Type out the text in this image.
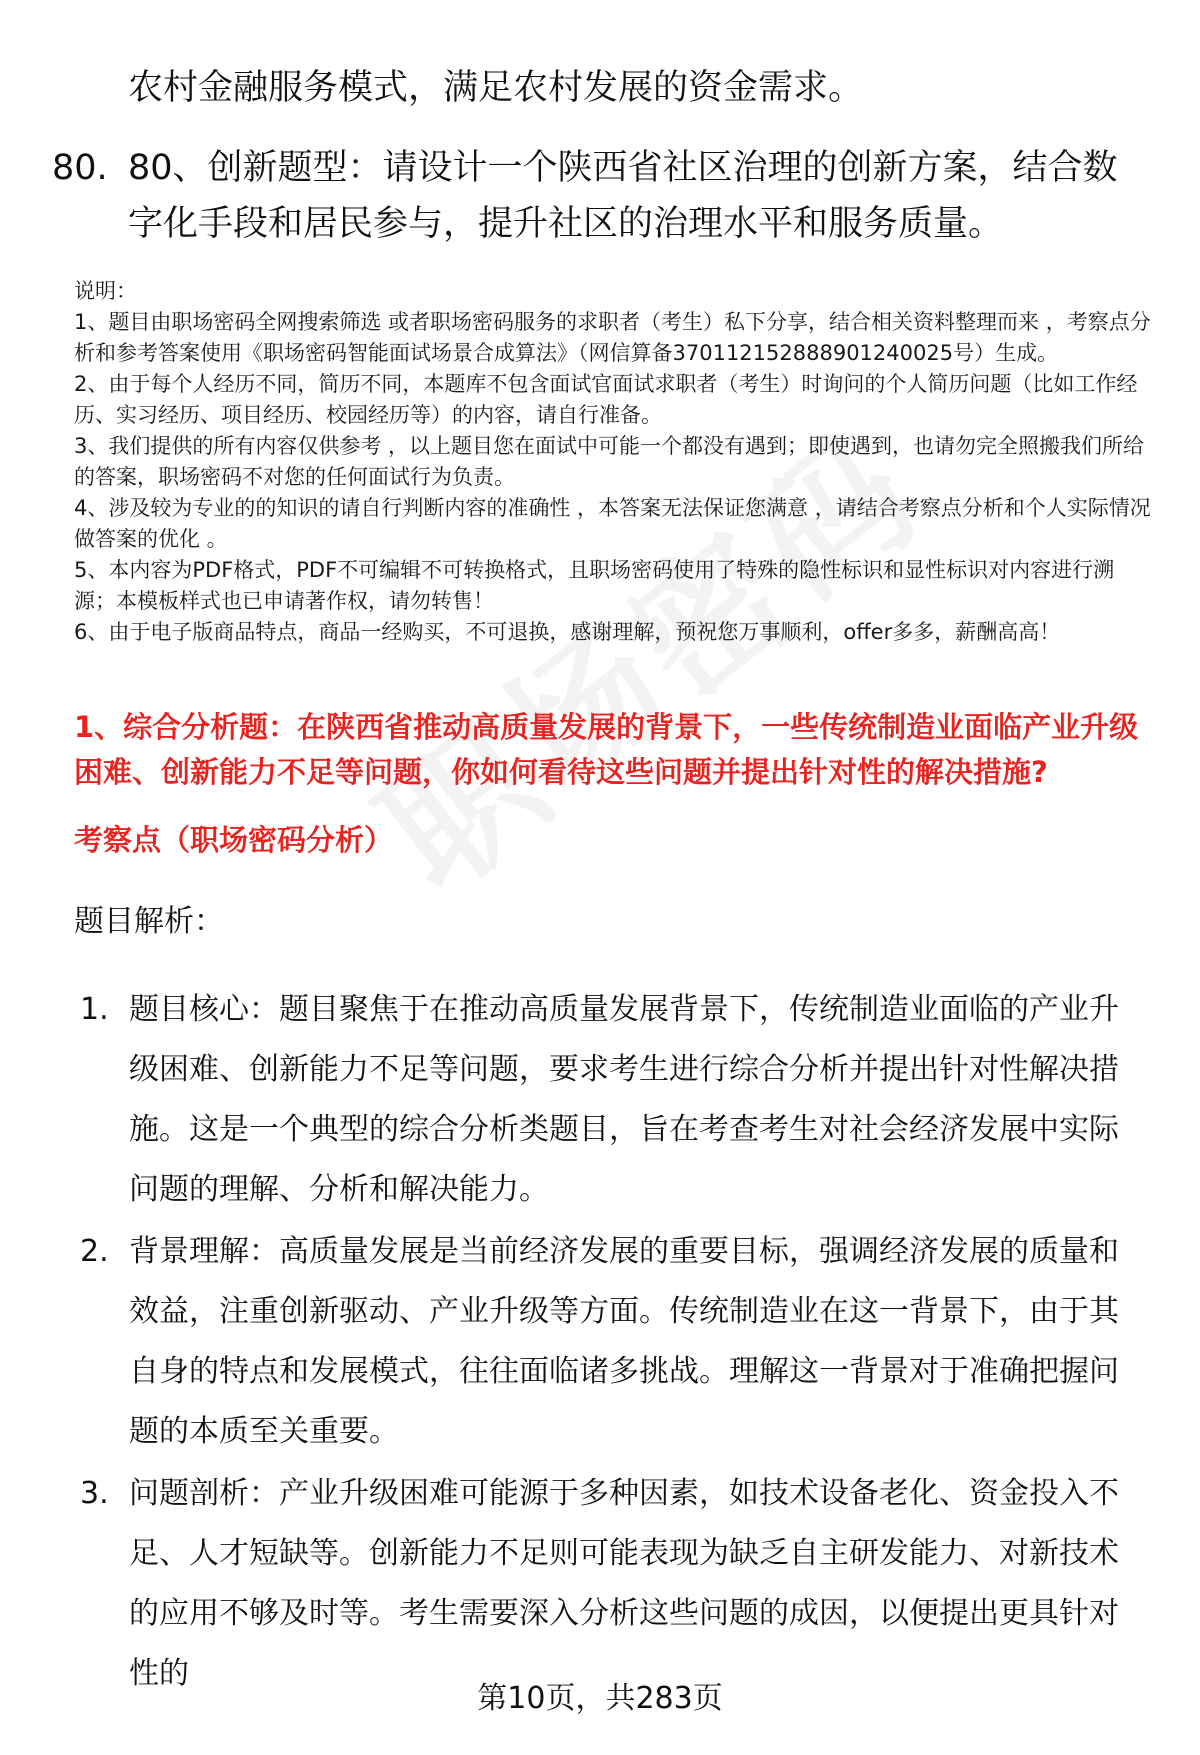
农村金融服务模式，满足农村发展的资金需求。
80. 80、创新题型：请设计一个陕西省社区治理的创新方案，结合数字化手段和居民参与，提升社区的治理水平和服务质量。

说明：

1、题目由职场密码全网搜索筛选 或者职场密码服务的求职者（考生）私下分享，结合相关资料整理而来 ，考察点分析和参考答案使用《职场密码智能面试场景合成算法》（网信算备370112152888901240025号）生成。

2、由于每个人经历不同，简历不同，本题库不包含面试官面试求职者（考生）时询问的个人简历问题（比如工作经历、实习经历、项目经历、校园经历等）的内容，请自行准备。

3、我们提供的所有内容仅供参考 ，以上题目您在面试中可能一个都没有遇到；即使遇到，也请勿完全照搬我们所给的答案，职场密码不对您的任何面试行为负责。

4、涉及较为专业的的知识的请自行判断内容的准确性 ，本答案无法保证您满意 ，请结合考察点分析和个人实际情况做答案的优化 。

5、本内容为PDF格式，PDF不可编辑不可转换格式，且职场密码使用了特殊的隐性标识和显性标识对内容进行溯源；本模板样式也已申请著作权，请勿转售！

6、由于电子版商品特点，商品一经购买，不可退换，感谢理解，预祝您万事顺利，offer多多，薪酬高高！

1、综合分析题：在陕西省推动高质量发展的背景下，一些传统制造业面临产业升级困难、创新能力不足等问题，你如何看待这些问题并提出针对性的解决措施?
考察点（职场密码分析）
题目解析：
1. 题目核心：题目聚焦于在推动高质量发展背景下，传统制造业面临的产业升级困难、创新能力不足等问题，要求考生进行综合分析并提出针对性解决措施。这是一个典型的综合分析类题目，旨在考查考生对社会经济发展中实际问题的理解、分析和解决能力。
2. 背景理解：高质量发展是当前经济发展的重要目标，强调经济发展的质量和效益，注重创新驱动、产业升级等方面。传统制造业在这一背景下，由于其自身的特点和发展模式，往往面临诸多挑战。理解这一背景对于准确把握问题的本质至关重要。
3. 问题剖析：产业升级困难可能源于多种因素，如技术设备老化、资金投入不足、人才短缺等。创新能力不足则可能表现为缺乏自主研发能力、对新技术的应用不够及时等。考生需要深入分析这些问题的成因，以便提出更具针对性的
第10页，共283页
